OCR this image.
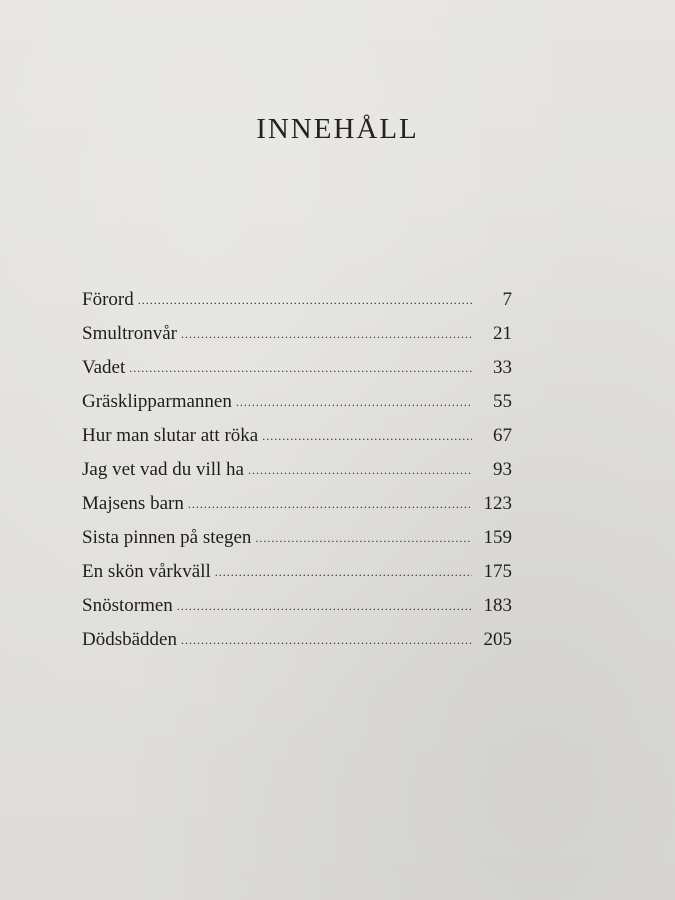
INNEHÅLL
Förord .....	7
Smultronvår .....	21
Vadet .....	33
Gräsklipparmannen .....	55
Hur man slutar att röka .....	67
Jag vet vad du vill ha .....	93
Majsens barn .....	123
Sista pinnen på stegen .....	159
En skön vårkväll .....	175
Snöstormen .....	183
Dödsbädden .....	205
